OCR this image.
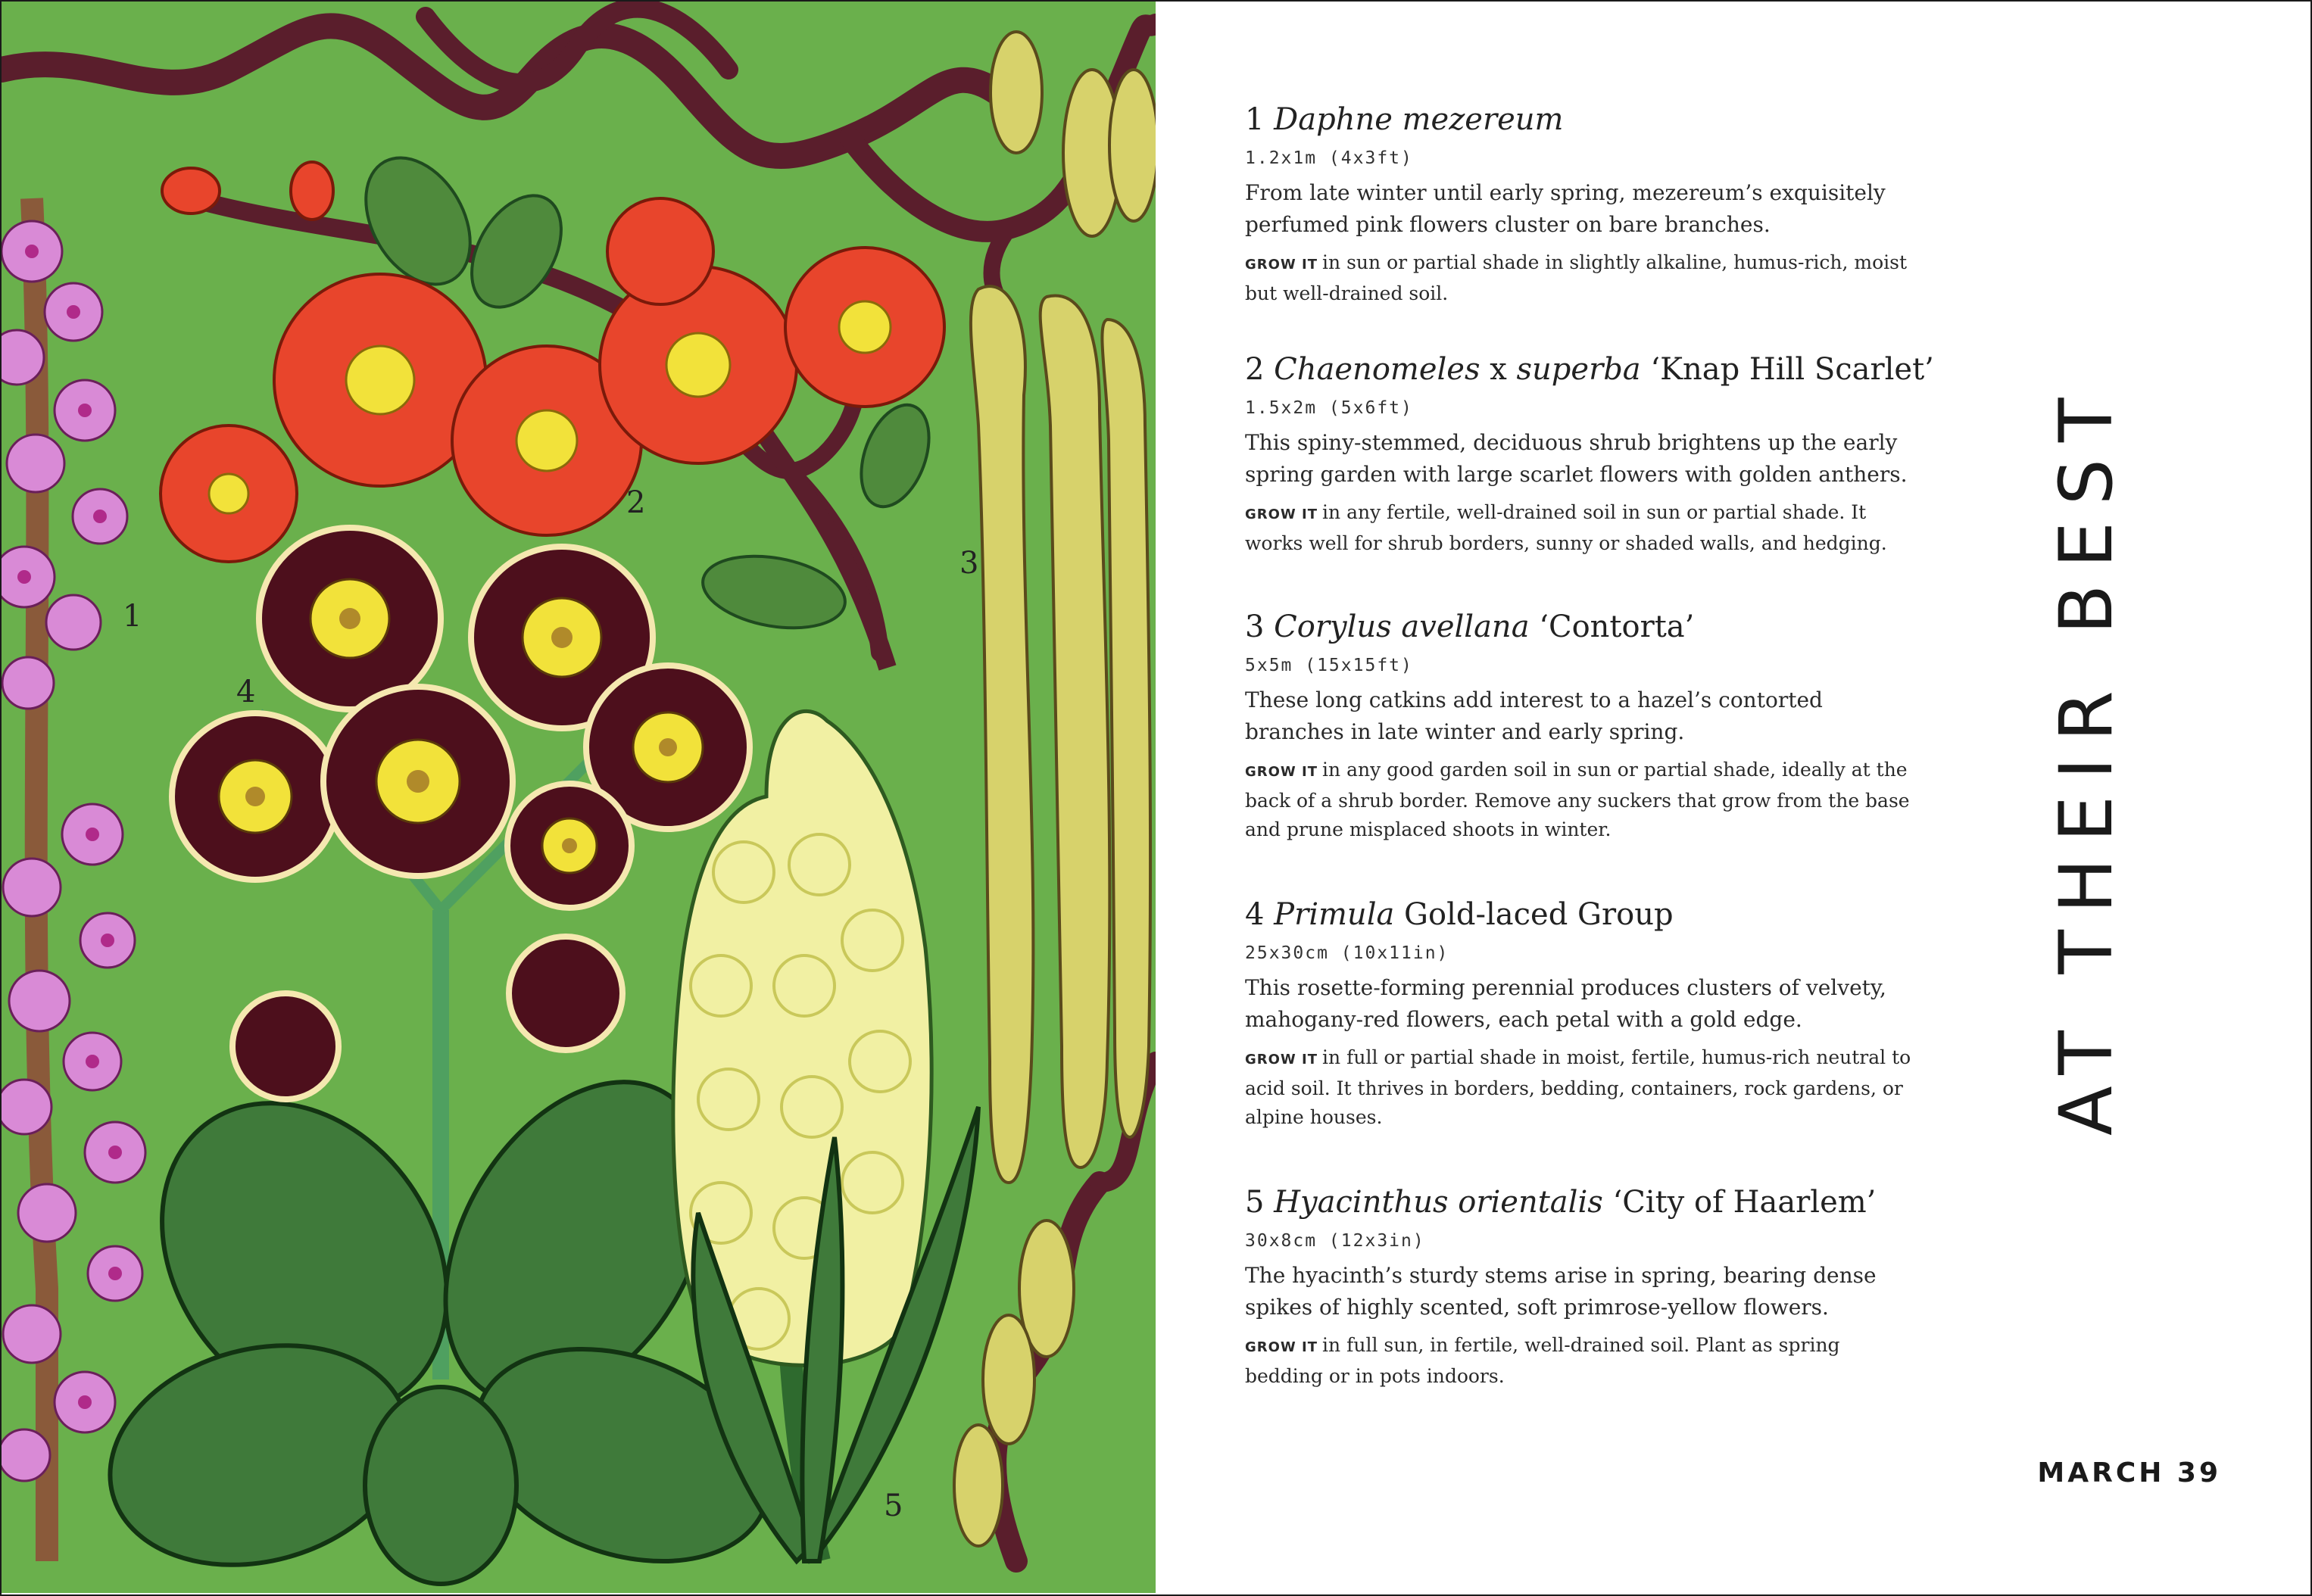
1
2
3
4
5
1 Daphne mezereum
1.2x1m (4x3ft)
From late winter until early spring, mezereum’s exquisitely perfumed pink flowers cluster on bare branches.
GROW IT in sun or partial shade in slightly alkaline, humus-rich, moist but well-drained soil.
2 Chaenomeles x superba ‘Knap Hill Scarlet’
1.5x2m (5x6ft)
This spiny-stemmed, deciduous shrub brightens up the early spring garden with large scarlet flowers with golden anthers.
GROW IT in any fertile, well-drained soil in sun or partial shade. It works well for shrub borders, sunny or shaded walls, and hedging.
3 Corylus avellana ‘Contorta’
5x5m (15x15ft)
These long catkins add interest to a hazel’s contorted branches in late winter and early spring.
GROW IT in any good garden soil in sun or partial shade, ideally at the back of a shrub border. Remove any suckers that grow from the base and prune misplaced shoots in winter.
4 Primula Gold-laced Group
25x30cm (10x11in)
This rosette-forming perennial produces clusters of velvety, mahogany-red flowers, each petal with a gold edge.
GROW IT in full or partial shade in moist, fertile, humus-rich neutral to acid soil. It thrives in borders, bedding, containers, rock gardens, or alpine houses.
5 Hyacinthus orientalis ‘City of Haarlem’
30x8cm (12x3in)
The hyacinth’s sturdy stems arise in spring, bearing dense spikes of highly scented, soft primrose-yellow flowers.
GROW IT in full sun, in fertile, well-drained soil. Plant as spring bedding or in pots indoors.
AT THEIR BEST
MARCH 39
